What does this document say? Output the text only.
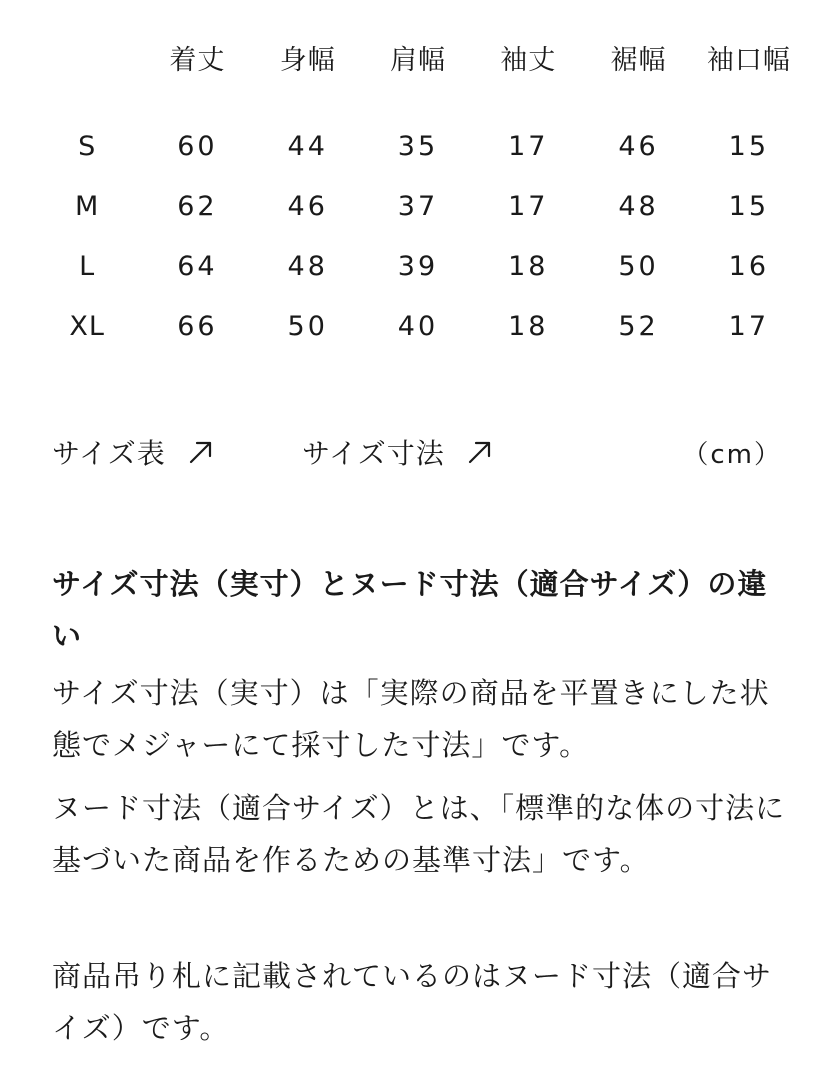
	着丈	身幅	肩幅	袖丈	裾幅	袖口幅

S	60	44	35	17	46	15
M	62	46	37	17	48	15
L	64	48	39	18	50	16
XL	66	50	40	18	52	17
サイズ表	サイズ寸法	（cm）
サイズ寸法（実寸）とヌード寸法（適合サイズ）の違い

サイズ寸法（実寸）は「実際の商品を平置きにした状態でメジャーにて採寸した寸法」です。

ヌード寸法（適合サイズ）とは、「標準的な体の寸法に基づいた商品を作るための基準寸法」です。

商品吊り札に記載されているのはヌード寸法（適合サイズ）です。
